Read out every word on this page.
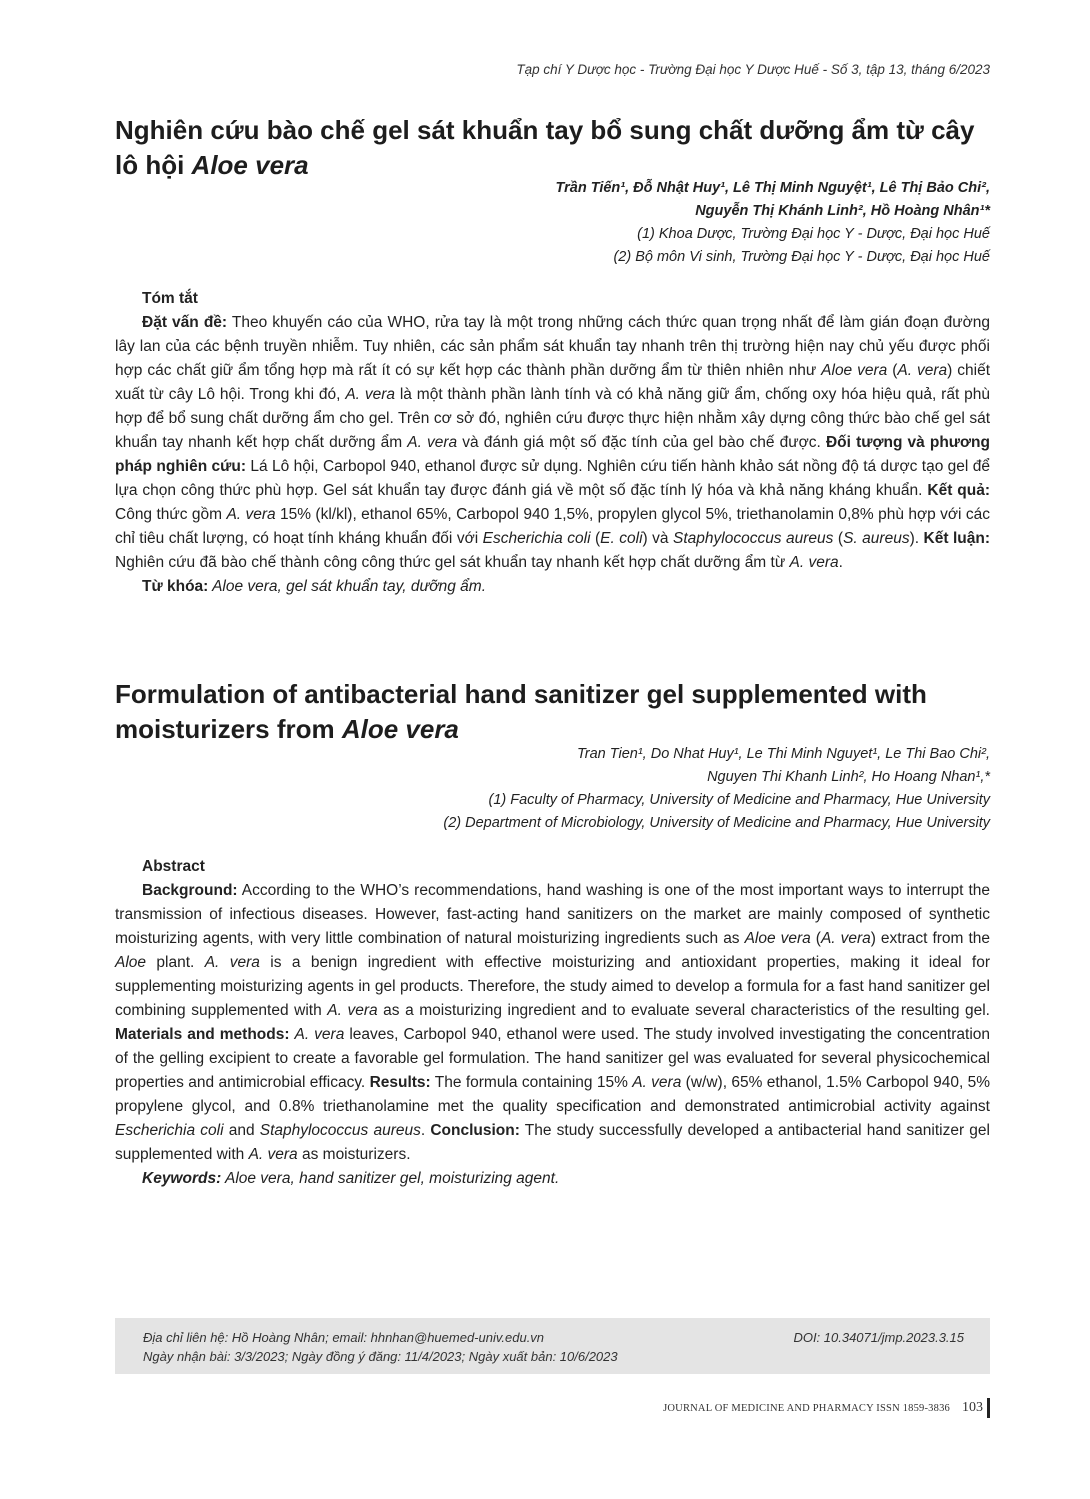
Tạp chí Y Dược học - Trường Đại học Y Dược Huế - Số 3, tập 13, tháng 6/2023
Nghiên cứu bào chế gel sát khuẩn tay bổ sung chất dưỡng ẩm từ cây lô hội Aloe vera
Trần Tiến¹, Đỗ Nhật Huy¹, Lê Thị Minh Nguyệt¹, Lê Thị Bảo Chi²,
Nguyễn Thị Khánh Linh², Hồ Hoàng Nhân¹*
(1) Khoa Dược, Trường Đại học Y - Dược, Đại học Huế
(2) Bộ môn Vi sinh, Trường Đại học Y - Dược, Đại học Huế
Tóm tắt

Đặt vấn đề: Theo khuyến cáo của WHO, rửa tay là một trong những cách thức quan trọng nhất để làm gián đoạn đường lây lan của các bệnh truyền nhiễm. Tuy nhiên, các sản phẩm sát khuẩn tay nhanh trên thị trường hiện nay chủ yếu được phối hợp các chất giữ ẩm tổng hợp mà rất ít có sự kết hợp các thành phần dưỡng ẩm từ thiên nhiên như Aloe vera (A. vera) chiết xuất từ cây Lô hội. Trong khi đó, A. vera là một thành phần lành tính và có khả năng giữ ẩm, chống oxy hóa hiệu quả, rất phù hợp để bổ sung chất dưỡng ẩm cho gel. Trên cơ sở đó, nghiên cứu được thực hiện nhằm xây dựng công thức bào chế gel sát khuẩn tay nhanh kết hợp chất dưỡng ẩm A. vera và đánh giá một số đặc tính của gel bào chế được. Đối tượng và phương pháp nghiên cứu: Lá Lô hội, Carbopol 940, ethanol được sử dụng. Nghiên cứu tiến hành khảo sát nồng độ tá dược tạo gel để lựa chọn công thức phù hợp. Gel sát khuẩn tay được đánh giá về một số đặc tính lý hóa và khả năng kháng khuẩn. Kết quả: Công thức gồm A. vera 15% (kl/kl), ethanol 65%, Carbopol 940 1,5%, propylen glycol 5%, triethanolamin 0,8% phù hợp với các chỉ tiêu chất lượng, có hoạt tính kháng khuẩn đối với Escherichia coli (E. coli) và Staphylococcus aureus (S. aureus). Kết luận: Nghiên cứu đã bào chế thành công công thức gel sát khuẩn tay nhanh kết hợp chất dưỡng ẩm từ A. vera.

Từ khóa: Aloe vera, gel sát khuẩn tay, dưỡng ẩm.

Formulation of antibacterial hand sanitizer gel supplemented with moisturizers from Aloe vera
Tran Tien¹, Do Nhat Huy¹, Le Thi Minh Nguyet¹, Le Thi Bao Chi²,
Nguyen Thi Khanh Linh², Ho Hoang Nhan¹,*
(1) Faculty of Pharmacy, University of Medicine and Pharmacy, Hue University
(2) Department of Microbiology, University of Medicine and Pharmacy, Hue University
Abstract

Background: According to the WHO’s recommendations, hand washing is one of the most important ways to interrupt the transmission of infectious diseases. However, fast-acting hand sanitizers on the market are mainly composed of synthetic moisturizing agents, with very little combination of natural moisturizing ingredients such as Aloe vera (A. vera) extract from the Aloe plant. A. vera is a benign ingredient with effective moisturizing and antioxidant properties, making it ideal for supplementing moisturizing agents in gel products. Therefore, the study aimed to develop a formula for a fast hand sanitizer gel combining supplemented with A. vera as a moisturizing ingredient and to evaluate several characteristics of the resulting gel. Materials and methods: A. vera leaves, Carbopol 940, ethanol were used. The study involved investigating the concentration of the gelling excipient to create a favorable gel formulation. The hand sanitizer gel was evaluated for several physicochemical properties and antimicrobial efficacy. Results: The formula containing 15% A. vera (w/w), 65% ethanol, 1.5% Carbopol 940, 5% propylene glycol, and 0.8% triethanolamine met the quality specification and demonstrated antimicrobial activity against Escherichia coli and Staphylococcus aureus. Conclusion: The study successfully developed a antibacterial hand sanitizer gel supplemented with A. vera as moisturizers.

Keywords: Aloe vera, hand sanitizer gel, moisturizing agent.

Địa chỉ liên hệ: Hồ Hoàng Nhân; email: hhnhan@huemed-univ.edu.vn
Ngày nhận bài: 3/3/2023; Ngày đồng ý đăng: 11/4/2023; Ngày xuất bản: 10/6/2023
DOI: 10.34071/jmp.2023.3.15
JOURNAL OF MEDICINE AND PHARMACY ISSN 1859-3836 103
